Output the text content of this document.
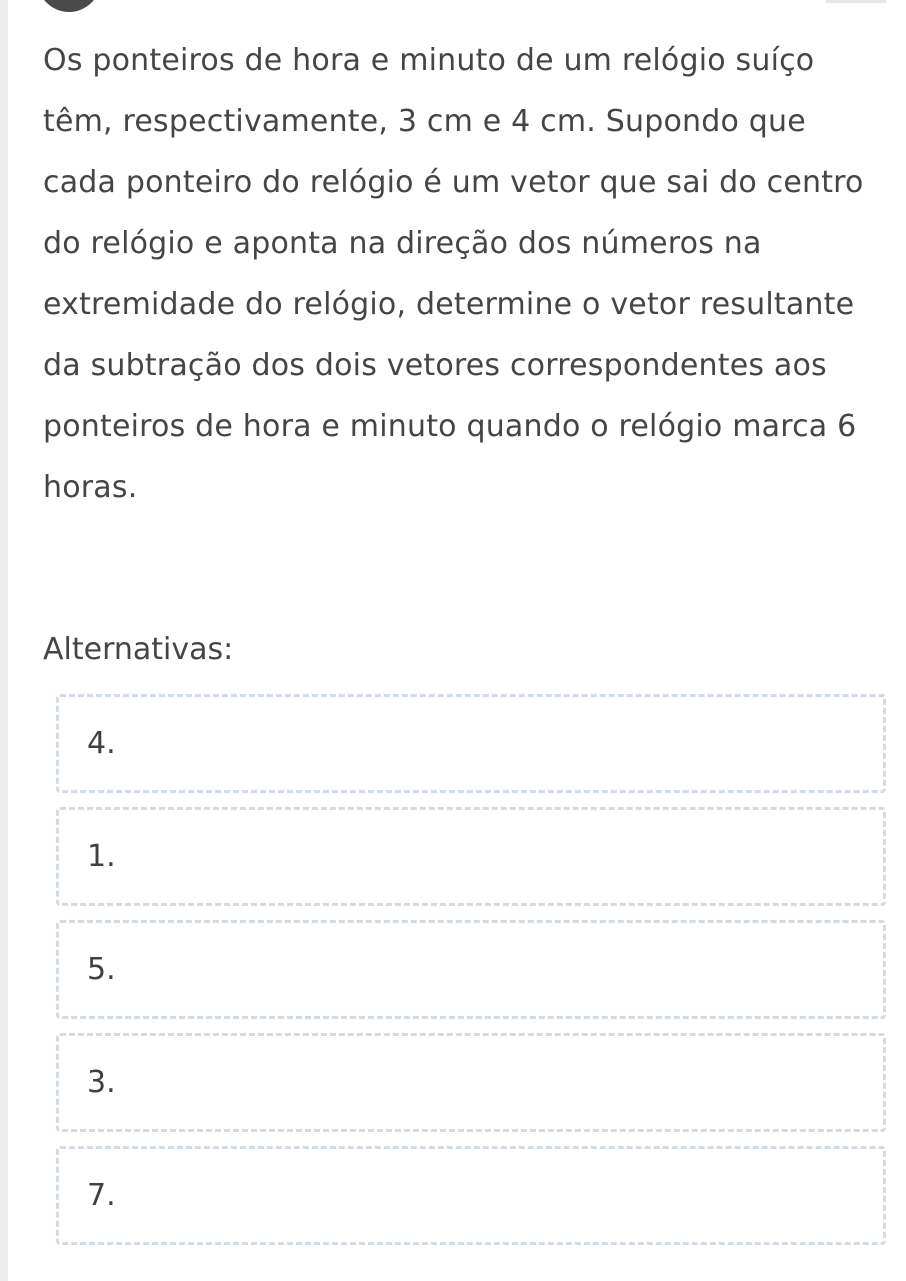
Os ponteiros de hora e minuto de um relógio suíço têm, respectivamente, 3 cm e 4 cm. Supondo que cada ponteiro do relógio é um vetor que sai do centro do relógio e aponta na direção dos números na extremidade do relógio, determine o vetor resultante da subtração dos dois vetores correspondentes aos ponteiros de hora e minuto quando o relógio marca 6 horas.

Alternativas:

4.
1.
5.
3.
7.
